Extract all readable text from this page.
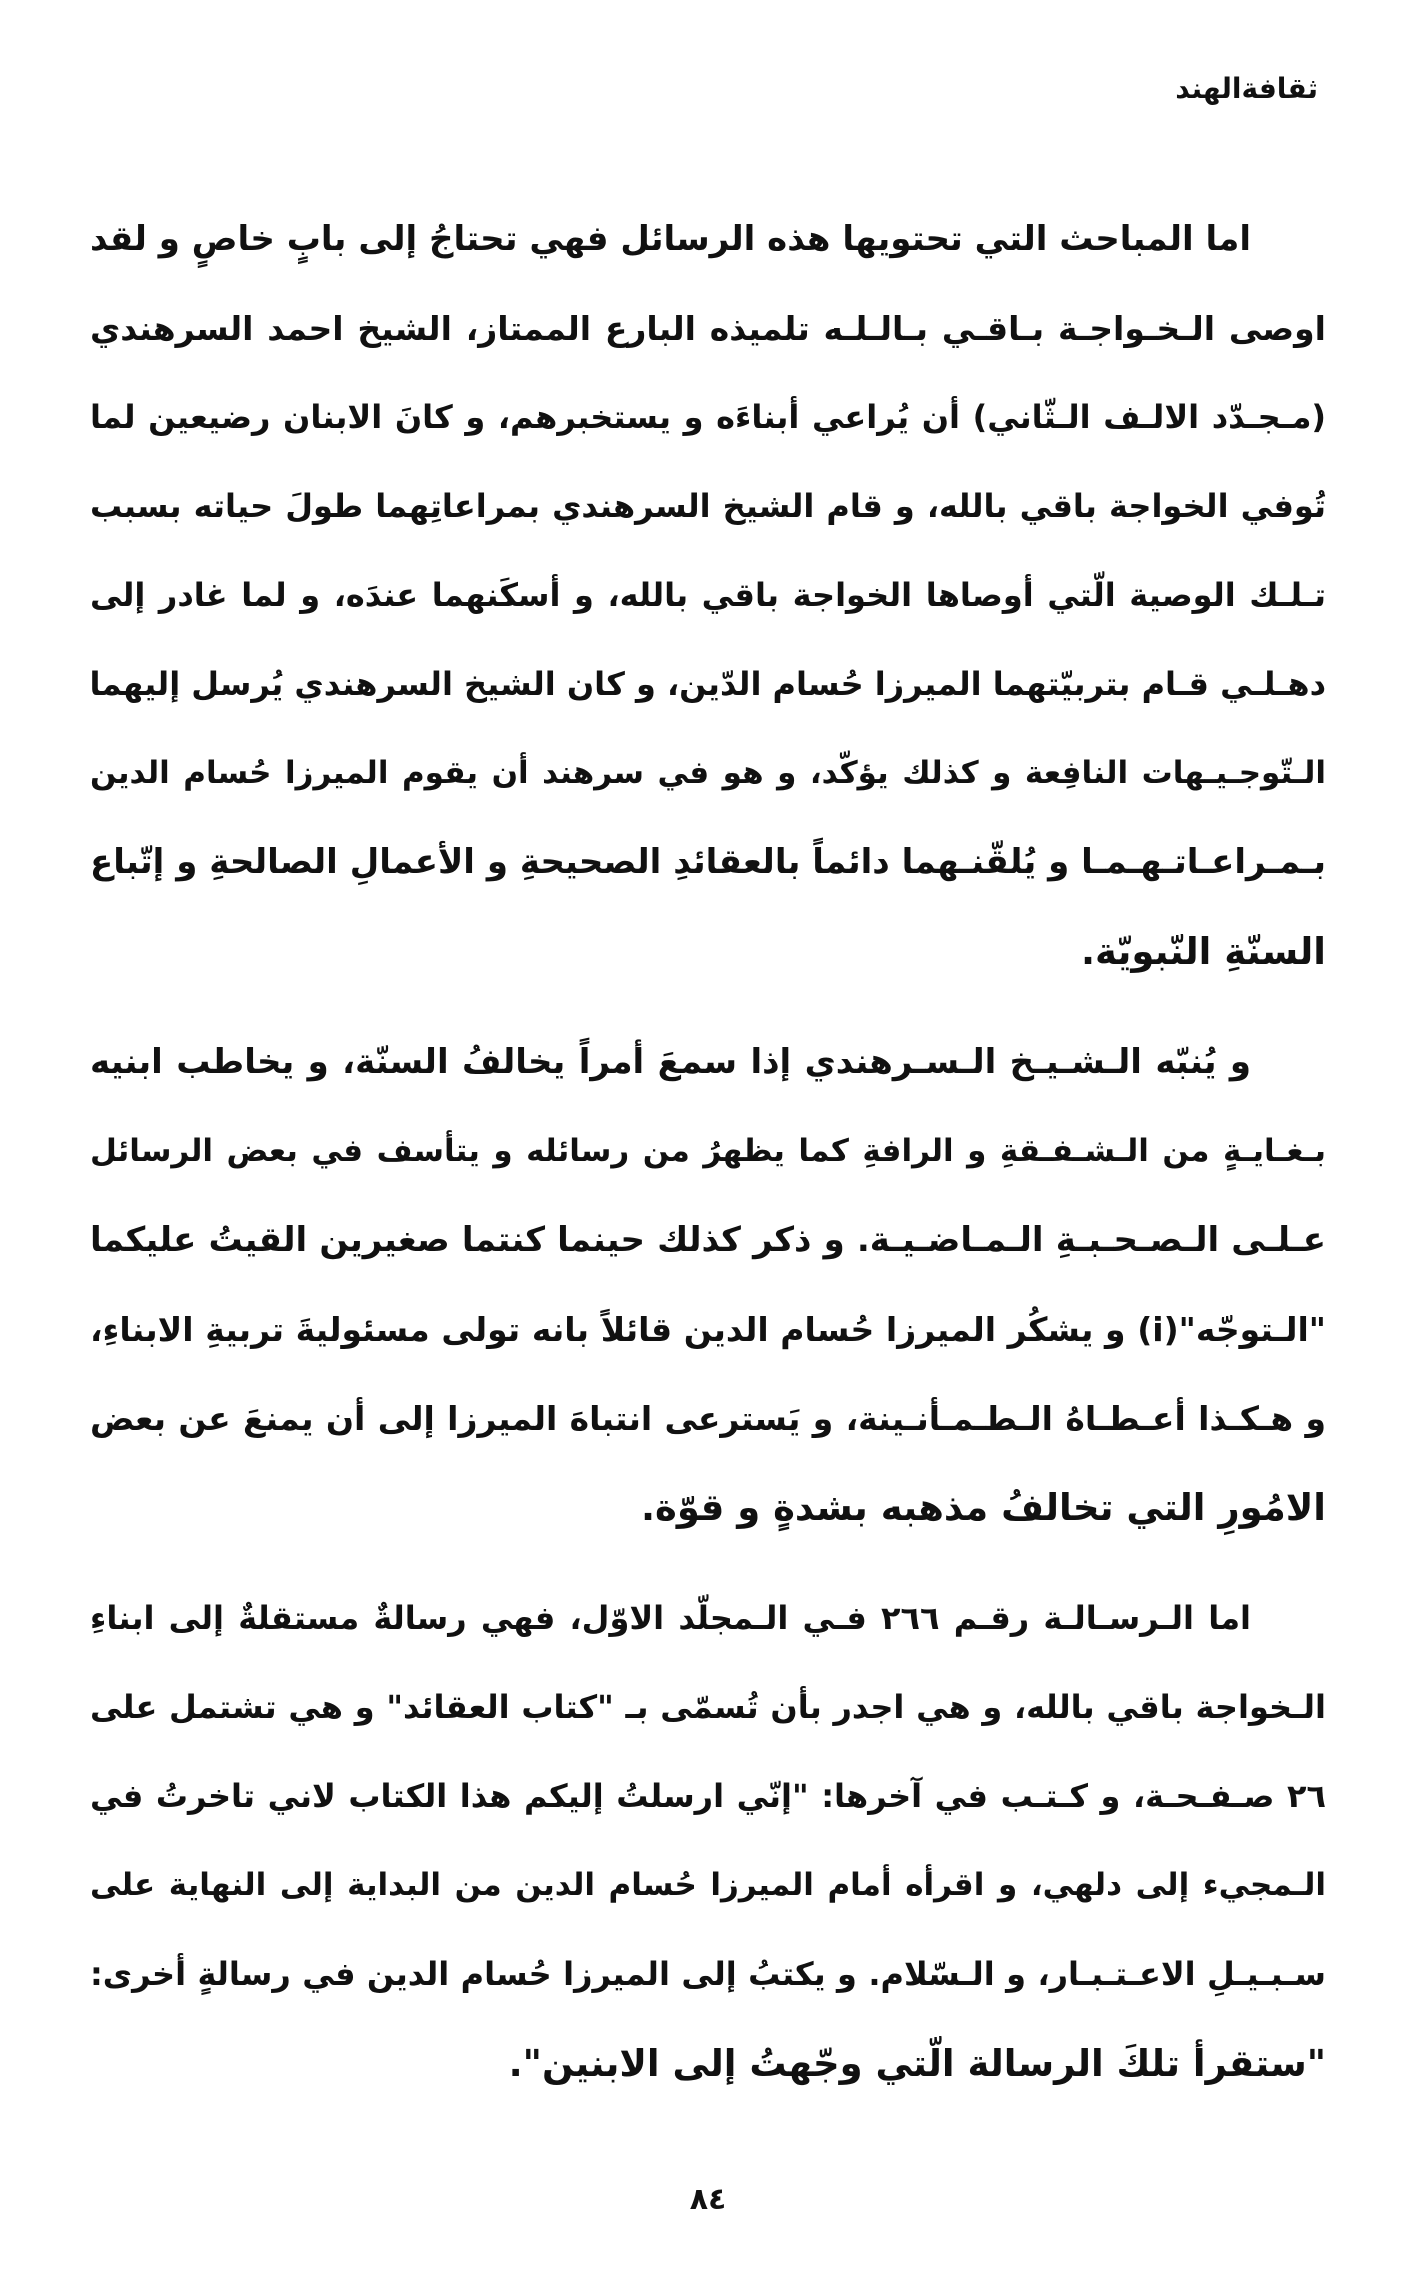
ثقافةالهند
اما المباحث التي تحتويها هذه الرسائل فهي تحتاجُ إلى بابٍ خاصٍ و لقد
اوصى الـخـواجـة بـاقـي بـالـلـه تلميذه البارع الممتاز، الشيخ احمد السرهندي
(مـجـدّد الالـف الـثّاني) أن يُراعي أبناءَه و يستخبرهم، و كانَ الابنان رضيعين لما
تُوفي الخواجة باقي بالله، و قام الشيخ السرهندي بمراعاتِهما طولَ حياته بسبب
تـلـك الوصية الّتي أوصاها الخواجة باقي بالله، و أسكَنهما عندَه، و لما غادر إلى
دهـلـي قـام بتربيّتهما الميرزا حُسام الدّين، و كان الشيخ السرهندي يُرسل إليهما
الـتّوجـيـهات النافِعة و كذلك يؤكّد، و هو في سرهند أن يقوم الميرزا حُسام الدين
بـمـراعـاتـهـمـا و يُلقّنـهما دائماً بالعقائدِ الصحيحةِ و الأعمالِ الصالحةِ و إتّباع
السنّةِ النّبويّة.
و يُنبّه الـشـيـخ الـسـرهندي إذا سمعَ أمراً يخالفُ السنّة، و يخاطب ابنيه
بـغـايـةٍ من الـشـفـقةِ و الرافةِ كما يظهرُ من رسائله و يتأسف في بعض الرسائل
عـلـى الـصـحـبـةِ الـمـاضـيـة. و ذكر كذلك حينما كنتما صغيرين القيتُ عليكما
"الـتوجّه"(i) و يشكُر الميرزا حُسام الدين قائلاً بانه تولى مسئوليةَ تربيةِ الابناءِ،
و هـكـذا أعـطـاهُ الـطـمـأنـينة، و يَسترعى انتباهَ الميرزا إلى أن يمنعَ عن بعض
الامُورِ التي تخالفُ مذهبه بشدةٍ و قوّة.
اما الـرسـالـة رقـم ٢٦٦ فـي الـمجلّد الاوّل، فهي رسالةٌ مستقلةٌ إلى ابناءِ
الـخواجة باقي بالله، و هي اجدر بأن تُسمّى بـ "كتاب العقائد" و هي تشتمل على
٢٦ صـفـحـة، و كـتـب في آخرها: "إنّي ارسلتُ إليكم هذا الكتاب لاني تاخرتُ في
الـمجيء إلى دلهي، و اقرأه أمام الميرزا حُسام الدين من البداية إلى النهاية على
سـبـيـلِ الاعـتـبـار، و الـسّلام. و يكتبُ إلى الميرزا حُسام الدين في رسالةٍ أخرى:
"ستقرأ تلكَ الرسالة الّتي وجّهتُ إلى الابنين".
٨٤
